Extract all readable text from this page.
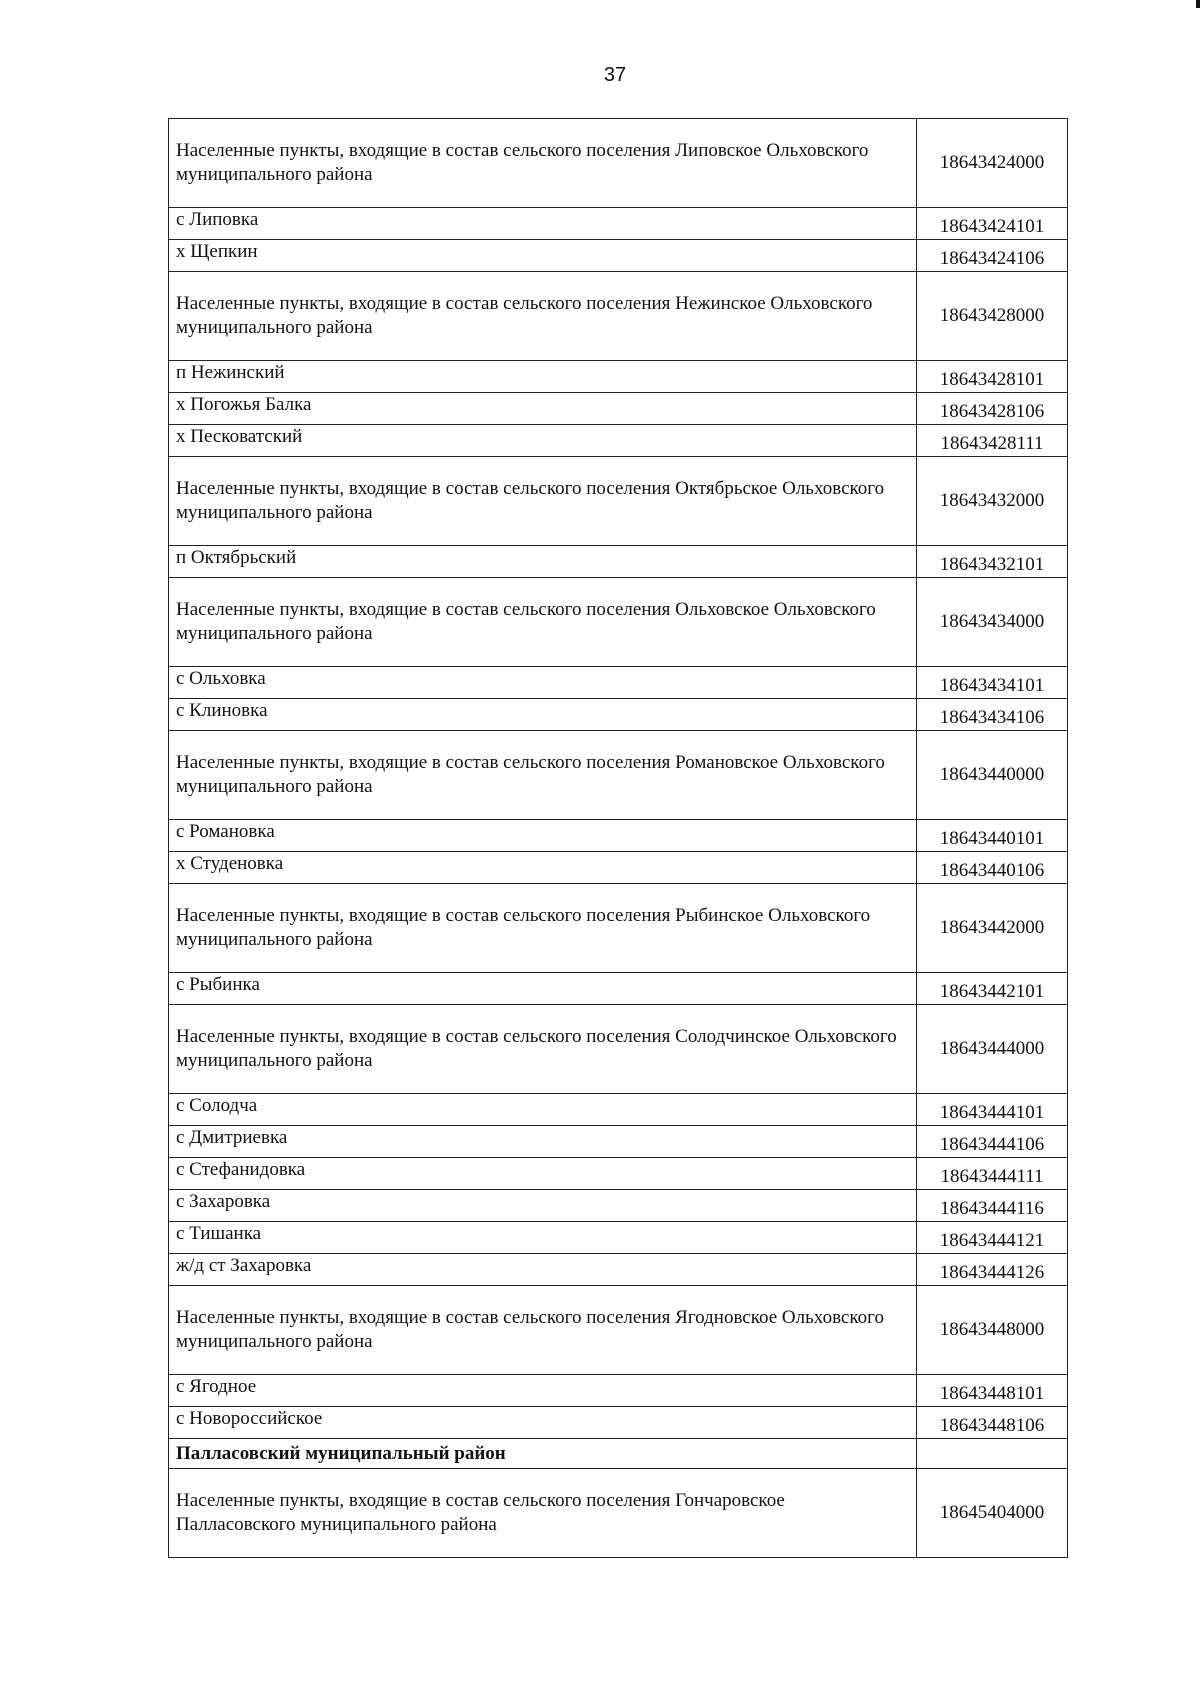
37
Населенные пункты, входящие в состав сельского поселения Липовское Ольховского муниципального района	18643424000
с Липовка	18643424101
х Щепкин	18643424106
Населенные пункты, входящие в состав сельского поселения Нежинское Ольховского муниципального района	18643428000
п Нежинский	18643428101
х Погожья Балка	18643428106
х Песковатский	18643428111
Населенные пункты, входящие в состав сельского поселения Октябрьское Ольховского муниципального района	18643432000
п Октябрьский	18643432101
Населенные пункты, входящие в состав сельского поселения Ольховское Ольховского муниципального района	18643434000
с Ольховка	18643434101
с Клиновка	18643434106
Населенные пункты, входящие в состав сельского поселения Романовское Ольховского муниципального района	18643440000
с Романовка	18643440101
х Студеновка	18643440106
Населенные пункты, входящие в состав сельского поселения Рыбинское Ольховского муниципального района	18643442000
с Рыбинка	18643442101
Населенные пункты, входящие в состав сельского поселения Солодчинское Ольховского муниципального района	18643444000
с Солодча	18643444101
с Дмитриевка	18643444106
с Стефанидовка	18643444111
с Захаровка	18643444116
с Тишанка	18643444121
ж/д ст Захаровка	18643444126
Населенные пункты, входящие в состав сельского поселения Ягодновское Ольховского муниципального района	18643448000
с Ягодное	18643448101
с Новороссийское	18643448106
Палласовский муниципальный район	
Населенные пункты, входящие в состав сельского поселения Гончаровское Палласовского муниципального района	18645404000
